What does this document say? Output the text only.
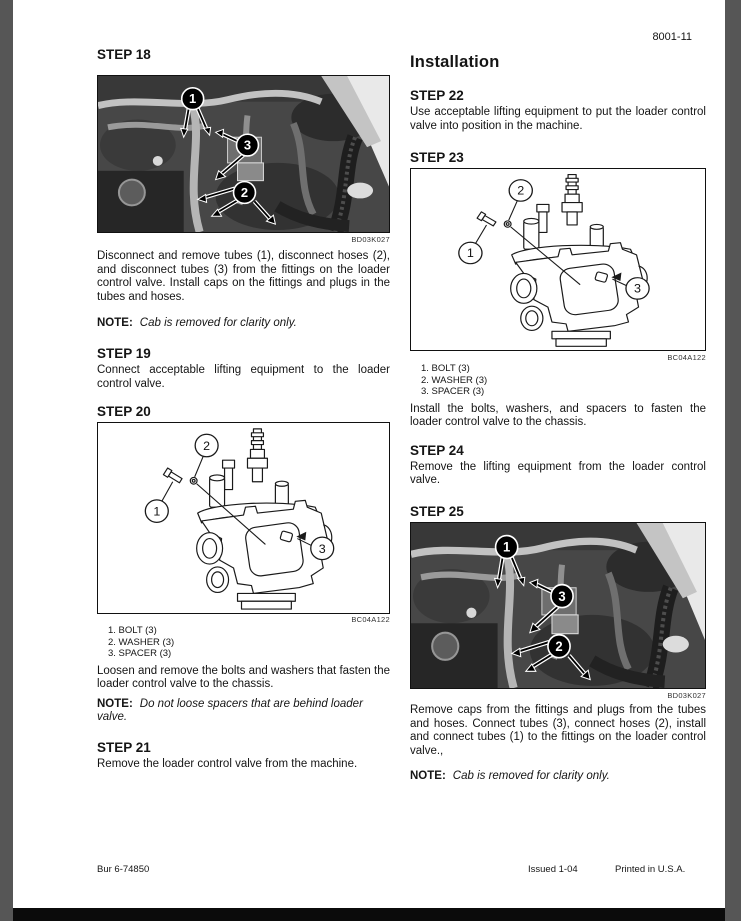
STEP 18
BD03K027

Disconnect and remove tubes (1), disconnect hoses (2), and disconnect tubes (3) from the fittings on the loader control valve. Install caps on the fittings and plugs in the tubes and hoses.

NOTE: Cab is removed for clarity only.
STEP 19

Connect acceptable lifting equipment to the loader control valve.

STEP 20
BC04A122
1. BOLT (3)
2. WASHER (3)
3. SPACER (3)

Loosen and remove the bolts and washers that fasten the loader control valve to the chassis.

NOTE: Do not loose spacers that are behind loader valve.
STEP 21

Remove the loader control valve from the machine.

8001-11
Installation
STEP 22

Use acceptable lifting equipment to put the loader control valve into position in the machine.

STEP 23
BC04A122
1. BOLT (3)
2. WASHER (3)
3. SPACER (3)

Install the bolts, washers, and spacers to fasten the loader control valve to the chassis.

STEP 24

Remove the lifting equipment from the loader control valve.

STEP 25
BD03K027

Remove caps from the fittings and plugs from the tubes and hoses. Connect tubes (3), connect hoses (2), install and connect tubes (1) to the fittings on the loader control valve.,

NOTE: Cab is removed for clarity only.
Bur 6-74850	Issued 1-04	Printed in U.S.A.
